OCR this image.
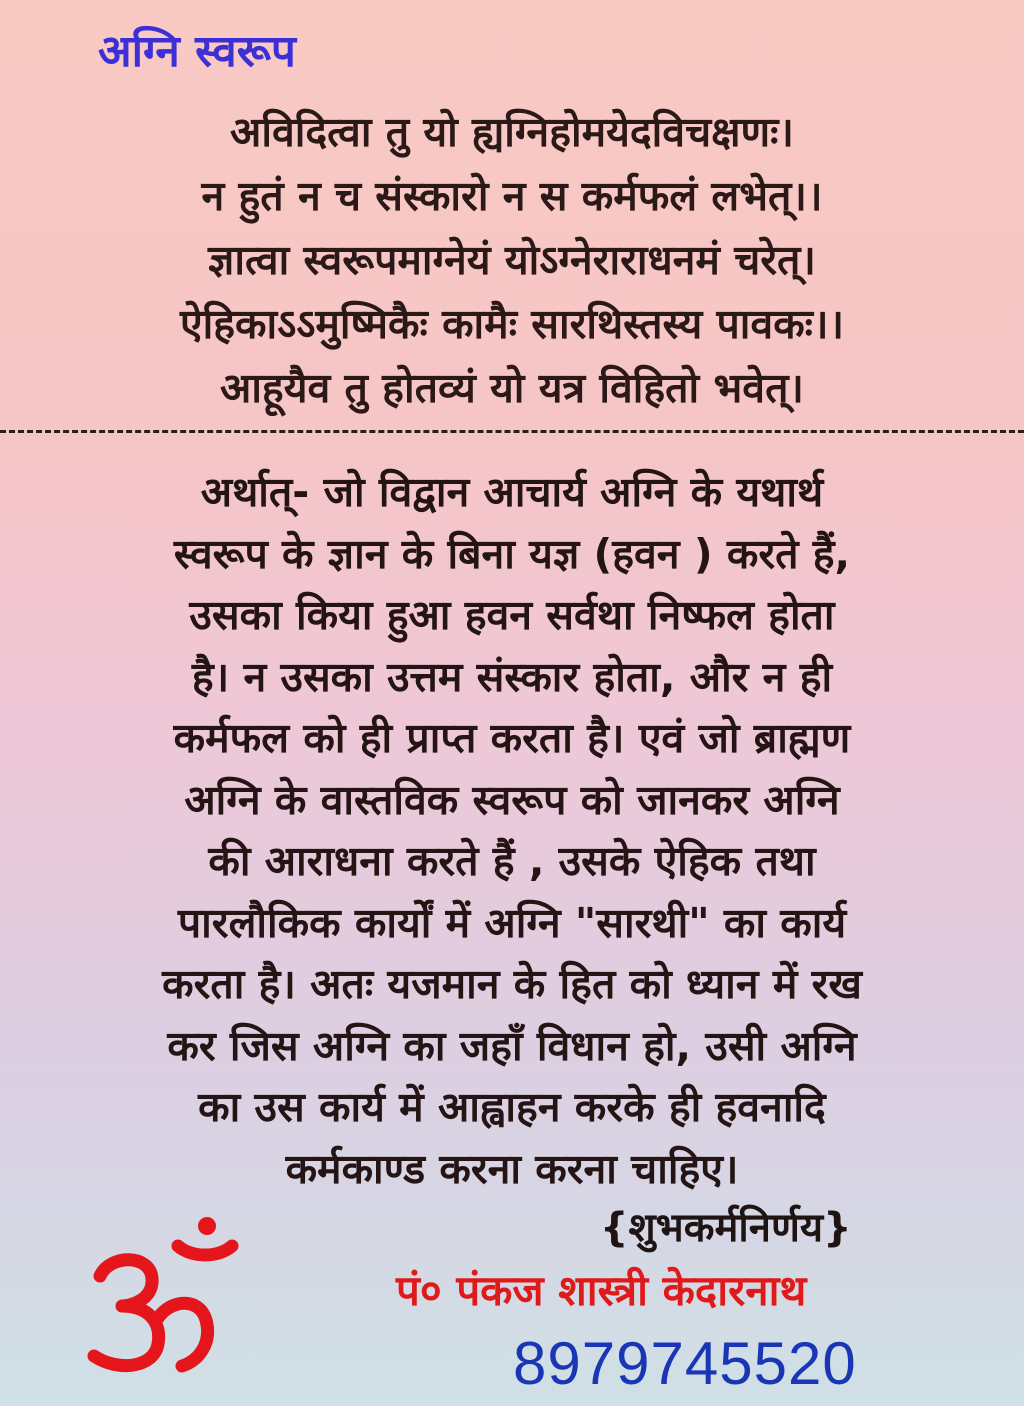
अग्नि स्वरूप
अविदित्वा तु यो ह्यग्निहोमयेदविचक्षणः।
न हुतं न च संस्कारो न स कर्मफलं लभेत्।।
ज्ञात्वा स्वरूपमाग्नेयं योऽग्नेराराधनमं चरेत्।
ऐहिकाऽऽमुष्मिकैः कामैः सारथिस्तस्य पावकः।।
आहूयैव तु होतव्यं यो यत्र विहितो भवेत्।
अर्थात्- जो विद्वान आचार्य अग्नि के यथार्थ
स्वरूप के ज्ञान के बिना यज्ञ (हवन ) करते हैं,
उसका किया हुआ हवन सर्वथा निष्फल होता
है। न उसका उत्तम संस्कार होता, और न ही
कर्मफल को ही प्राप्त करता है। एवं जो ब्राह्मण
अग्नि के वास्तविक स्वरूप को जानकर अग्नि
की आराधना करते हैं , उसके ऐहिक तथा
पारलौकिक कार्यों में अग्नि "सारथी" का कार्य
करता है। अतः यजमान के हित को ध्यान में रख
कर जिस अग्नि का जहाँ विधान हो, उसी अग्नि
का उस कार्य में आह्वाहन करके ही हवनादि
कर्मकाण्ड करना करना चाहिए।
{शुभकर्मनिर्णय}
पं० पंकज शास्त्री केदारनाथ
8979745520
